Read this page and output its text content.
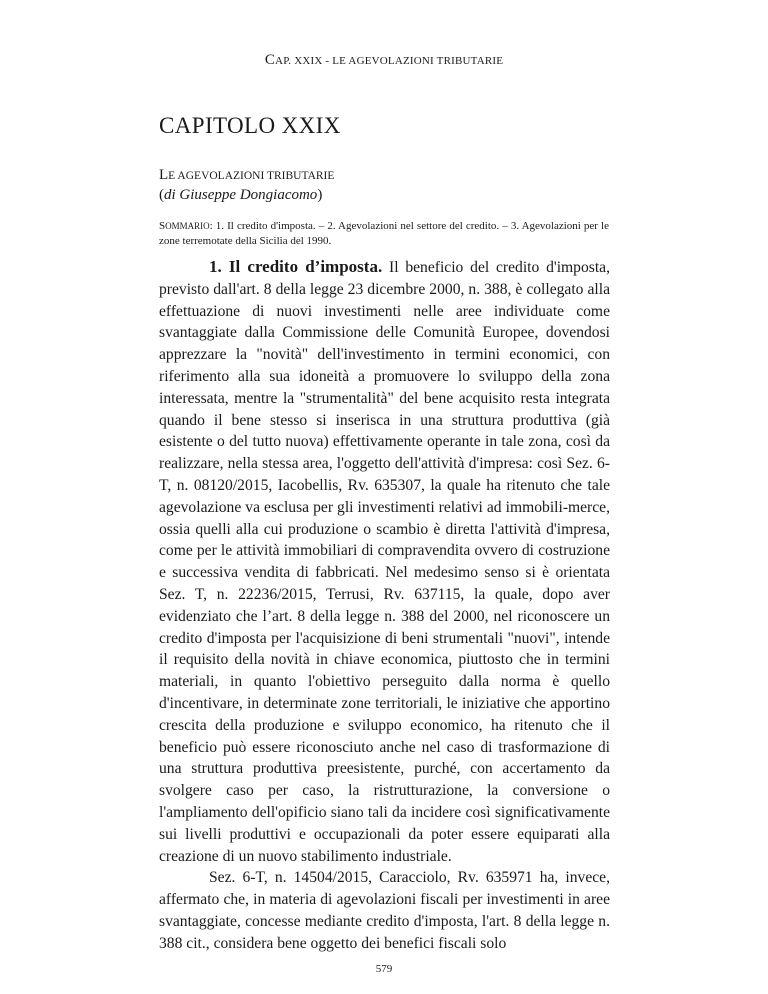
CAP. XXIX - LE AGEVOLAZIONI TRIBUTARIE
CAPITOLO XXIX
LE AGEVOLAZIONI TRIBUTARIE
(di Giuseppe Dongiacomo)
SOMMARIO: 1. Il credito d'imposta. – 2. Agevolazioni nel settore del credito. – 3. Agevolazioni per le zone terremotate della Sicilia del 1990.

1. Il credito d’imposta. Il beneficio del credito d'imposta, previsto dall'art. 8 della legge 23 dicembre 2000, n. 388, è collegato alla effettuazione di nuovi investimenti nelle aree individuate come svantaggiate dalla Commissione delle Comunità Europee, dovendosi apprezzare la "novità" dell'investimento in termini economici, con riferimento alla sua idoneità a promuovere lo sviluppo della zona interessata, mentre la "strumentalità" del bene acquisito resta integrata quando il bene stesso si inserisca in una struttura produttiva (già esistente o del tutto nuova) effettivamente operante in tale zona, così da realizzare, nella stessa area, l'oggetto dell'attività d'impresa: così Sez. 6-T, n. 08120/2015, Iacobellis, Rv. 635307, la quale ha ritenuto che tale agevolazione va esclusa per gli investimenti relativi ad immobili-merce, ossia quelli alla cui produzione o scambio è diretta l'attività d'impresa, come per le attività immobiliari di compravendita ovvero di costruzione e successiva vendita di fabbricati. Nel medesimo senso si è orientata Sez. T, n. 22236/2015, Terrusi, Rv. 637115, la quale, dopo aver evidenziato che l’art. 8 della legge n. 388 del 2000, nel riconoscere un credito d'imposta per l'acquisizione di beni strumentali "nuovi", intende il requisito della novità in chiave economica, piuttosto che in termini materiali, in quanto l'obiettivo perseguito dalla norma è quello d'incentivare, in determinate zone territoriali, le iniziative che apportino crescita della produzione e sviluppo economico, ha ritenuto che il beneficio può essere riconosciuto anche nel caso di trasformazione di una struttura produttiva preesistente, purché, con accertamento da svolgere caso per caso, la ristrutturazione, la conversione o l'ampliamento dell'opificio siano tali da incidere così significativamente sui livelli produttivi e occupazionali da poter essere equiparati alla creazione di un nuovo stabilimento industriale.

Sez. 6-T, n. 14504/2015, Caracciolo, Rv. 635971 ha, invece, affermato che, in materia di agevolazioni fiscali per investimenti in aree svantaggiate, concesse mediante credito d'imposta, l'art. 8 della legge n. 388 cit., considera bene oggetto dei benefici fiscali solo

579
